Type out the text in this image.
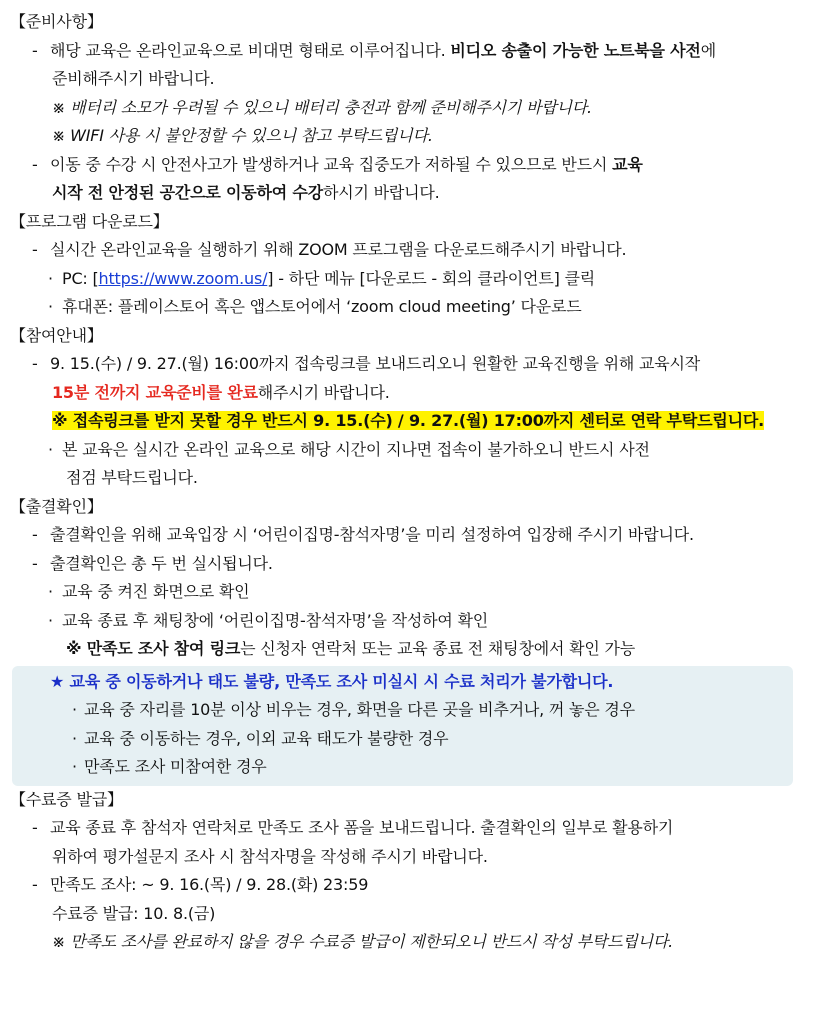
【준비사항】
- 해당 교육은 온라인교육으로 비대면 형태로 이루어집니다. 비디오 송출이 가능한 노트북을 사전에
준비해주시기 바랍니다.
※ 배터리 소모가 우려될 수 있으니 배터리 충전과 함께 준비해주시기 바랍니다.
※ WIFI 사용 시 불안정할 수 있으니 참고 부탁드립니다.
- 이동 중 수강 시 안전사고가 발생하거나 교육 집중도가 저하될 수 있으므로 반드시 교육
시작 전 안정된 공간으로 이동하여 수강하시기 바랍니다.
【프로그램 다운로드】
- 실시간 온라인교육을 실행하기 위해 ZOOM 프로그램을 다운로드해주시기 바랍니다.
· PC: [https://www.zoom.us/] - 하단 메뉴 [다운로드 - 회의 클라이언트] 클릭
· 휴대폰: 플레이스토어 혹은 앱스토어에서 ‘zoom cloud meeting’ 다운로드
【참여안내】
- 9. 15.(수) / 9. 27.(월) 16:00까지 접속링크를 보내드리오니 원활한 교육진행을 위해 교육시작
15분 전까지 교육준비를 완료해주시기 바랍니다.
※ 접속링크를 받지 못할 경우 반드시 9. 15.(수) / 9. 27.(월) 17:00까지 센터로 연락 부탁드립니다.
· 본 교육은 실시간 온라인 교육으로 해당 시간이 지나면 접속이 불가하오니 반드시 사전
점검 부탁드립니다.
【출결확인】
- 출결확인을 위해 교육입장 시 ‘어린이집명-참석자명’을 미리 설정하여 입장해 주시기 바랍니다.
- 출결확인은 총 두 번 실시됩니다.
· 교육 중 켜진 화면으로 확인
· 교육 종료 후 채팅창에 ‘어린이집명-참석자명’을 작성하여 확인
※ 만족도 조사 참여 링크는 신청자 연락처 또는 교육 종료 전 채팅창에서 확인 가능
★ 교육 중 이동하거나 태도 불량, 만족도 조사 미실시 시 수료 처리가 불가합니다.
· 교육 중 자리를 10분 이상 비우는 경우, 화면을 다른 곳을 비추거나, 꺼 놓은 경우
· 교육 중 이동하는 경우, 이외 교육 태도가 불량한 경우
· 만족도 조사 미참여한 경우
【수료증 발급】
- 교육 종료 후 참석자 연락처로 만족도 조사 폼을 보내드립니다. 출결확인의 일부로 활용하기
위하여 평가설문지 조사 시 참석자명을 작성해 주시기 바랍니다.
- 만족도 조사: ~ 9. 16.(목) / 9. 28.(화) 23:59
수료증 발급: 10. 8.(금)
※ 만족도 조사를 완료하지 않을 경우 수료증 발급이 제한되오니 반드시 작성 부탁드립니다.
